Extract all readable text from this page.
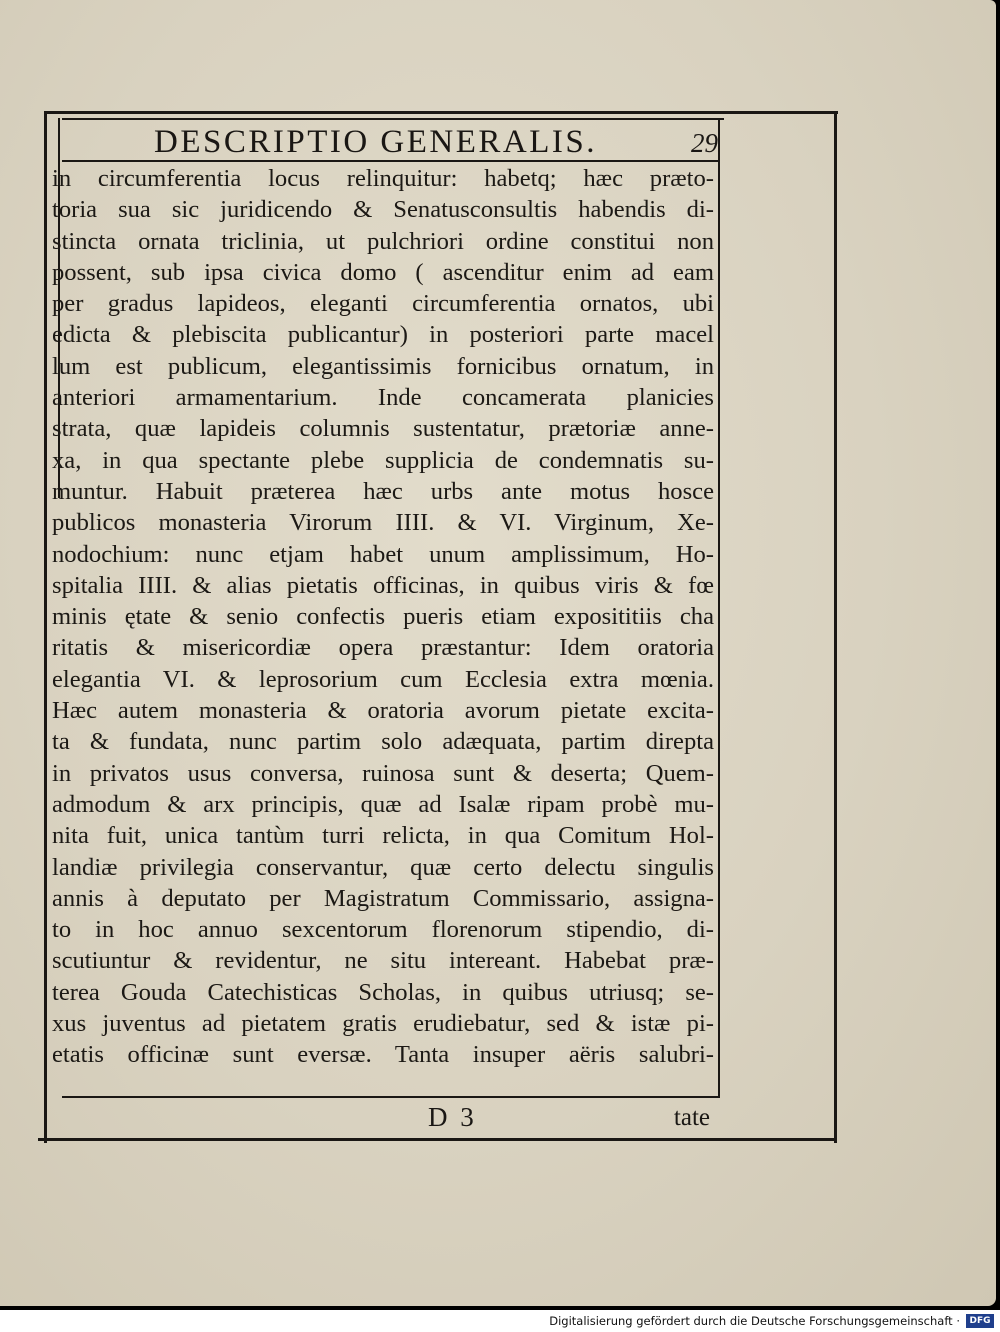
DESCRIPTIO GENERALIS.	29
in circumferentia locus relinquitur: habetq; hæc præto-
toria sua sic juridicendo & Senatusconsultis habendis di-
stincta ornata triclinia, ut pulchriori ordine constitui non
possent, sub ipsa civica domo ( ascenditur enim ad eam
per gradus lapideos, eleganti circumferentia ornatos, ubi
edicta & plebiscita publicantur) in posteriori parte macel
lum est publicum, elegantissimis fornicibus ornatum, in
anteriori armamentarium. Inde concamerata planicies
strata, quæ lapideis columnis sustentatur, prætoriæ anne-
xa, in qua spectante plebe supplicia de condemnatis su-
muntur. Habuit præterea hæc urbs ante motus hosce
publicos monasteria Virorum IIII. & VI. Virginum, Xe-
nodochium: nunc etjam habet unum amplissimum, Ho-
spitalia IIII. & alias pietatis officinas, in quibus viris & fœ
minis ętate & senio confectis pueris etiam exposititiis cha
ritatis & misericordiæ opera præstantur: Idem oratoria
elegantia VI. & leprosorium cum Ecclesia extra mœnia.
Hæc autem monasteria & oratoria avorum pietate excita-
ta & fundata, nunc partim solo adæquata, partim direpta
in privatos usus conversa, ruinosa sunt & deserta; Quem-
admodum & arx principis, quæ ad Isalæ ripam probè mu-
nita fuit, unica tantùm turri relicta, in qua Comitum Hol-
landiæ privilegia conservantur, quæ certo delectu singulis
annis à deputato per Magistratum Commissario, assigna-
to in hoc annuo sexcentorum florenorum stipendio, di-
scutiuntur & revidentur, ne situ intereant. Habebat præ-
terea Gouda Catechisticas Scholas, in quibus utriusq; se-
xus juventus ad pietatem gratis erudiebatur, sed & istæ pi-
etatis officinæ sunt eversæ. Tanta insuper aëris salubri-
D 3	tate
Digitalisierung gefördert durch die Deutsche Forschungsgemeinschaft ·	DFG
